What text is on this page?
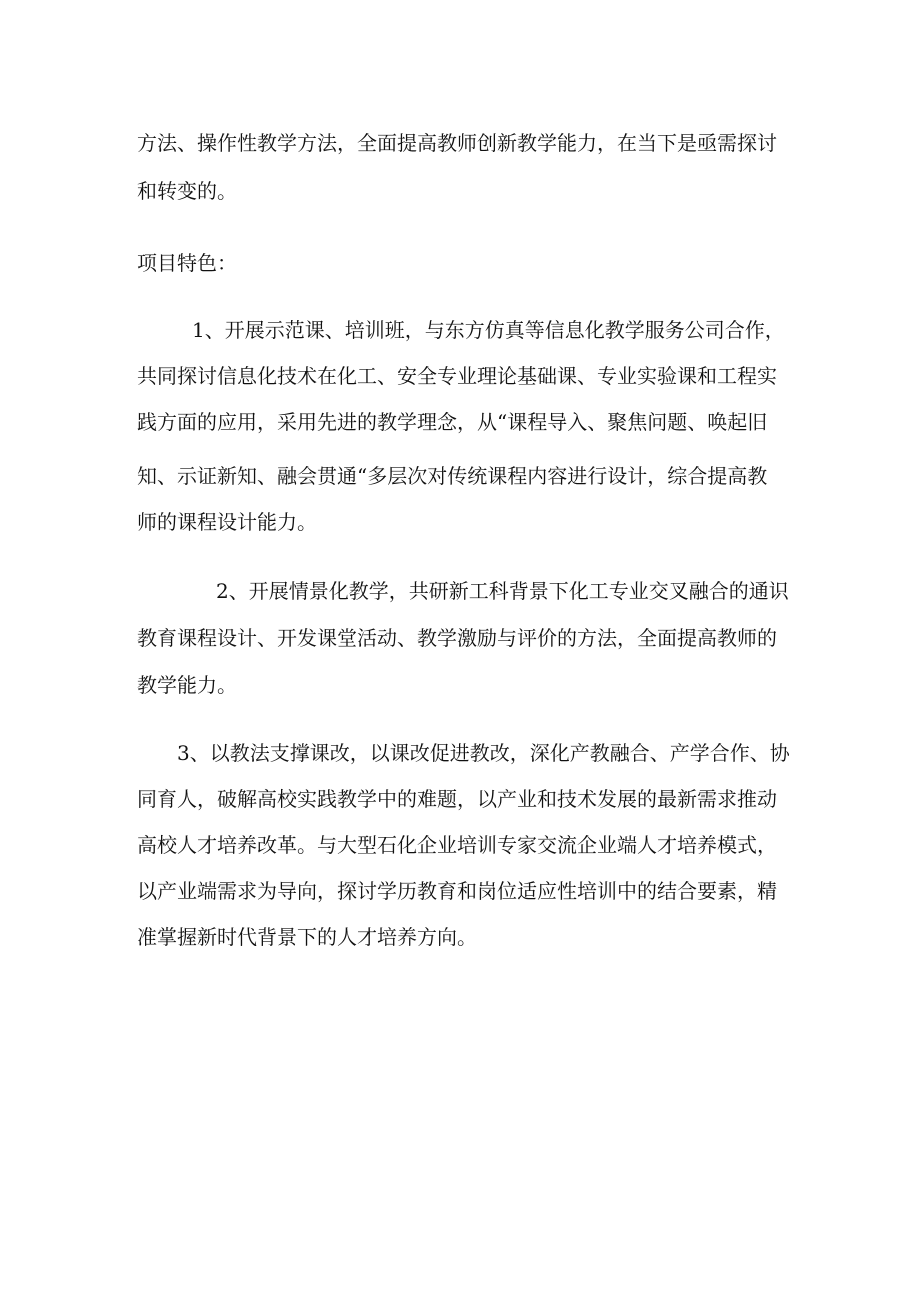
方法、操作性教学方法，全面提高教师创新教学能力，在当下是亟需探讨
和转变的。
项目特色：
1、开展示范课、培训班，与东方仿真等信息化教学服务公司合作，
共同探讨信息化技术在化工、安全专业理论基础课、专业实验课和工程实
践方面的应用，采用先进的教学理念，从“课程导入、聚焦问题、唤起旧
知、示证新知、融会贯通“多层次对传统课程内容进行设计，综合提高教
师的课程设计能力。
2、开展情景化教学，共研新工科背景下化工专业交叉融合的通识
教育课程设计、开发课堂活动、教学激励与评价的方法，全面提高教师的
教学能力。
3、以教法支撑课改，以课改促进教改，深化产教融合、产学合作、协
同育人，破解高校实践教学中的难题，以产业和技术发展的最新需求推动
高校人才培养改革。与大型石化企业培训专家交流企业端人才培养模式，
以产业端需求为导向，探讨学历教育和岗位适应性培训中的结合要素，精
准掌握新时代背景下的人才培养方向。
